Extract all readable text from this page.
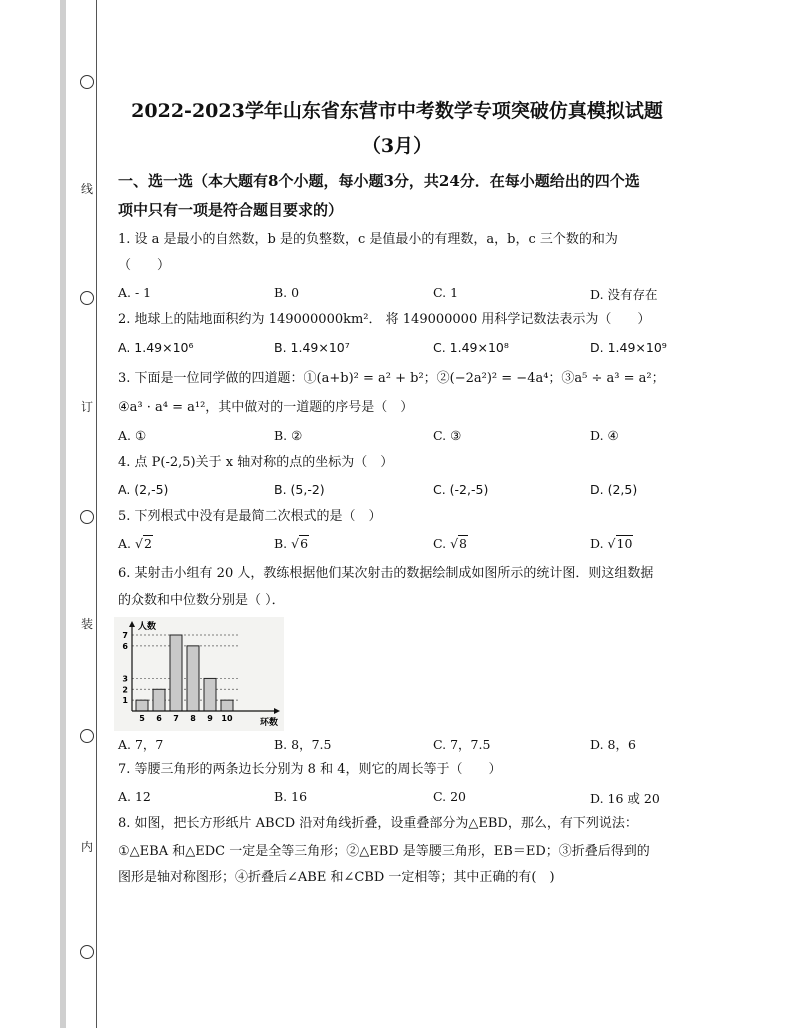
线
订
装
内
2022-2023学年山东省东营市中考数学专项突破仿真模拟试题
（3月）
一、选一选（本大题有8个小题，每小题3分，共24分．在每小题给出的四个选
项中只有一项是符合题目要求的）
1. 设 a 是最小的自然数，b 是的负整数，c 是值最小的有理数，a，b，c 三个数的和为
（　　）
A. - 1	B. 0	C. 1	D. 没有存在
2. 地球上的陆地面积约为 149000000km²． 将 149000000 用科学记数法表示为（　　）
A. 1.49×10⁶	B. 1.49×10⁷	C. 1.49×10⁸	D. 1.49×10⁹
3. 下面是一位同学做的四道题：①(a+b)² = a² + b²；②(−2a²)² = −4a⁴；③a⁵ ÷ a³ = a²；
④a³ · a⁴ = a¹²，其中做对的一道题的序号是（　）
A. ①	B. ②	C. ③	D. ④
4. 点 P(-2,5)关于 x 轴对称的点的坐标为（　）
A. (2,-5)	B. (5,-2)	C. (-2,-5)	D. (2,5)
5. 下列根式中没有是最简二次根式的是（　）
A. √2	B. √6	C. √8	D. √10
6. 某射击小组有 20 人，教练根据他们某次射击的数据绘制成如图所示的统计图．则这组数据
的众数和中位数分别是（ ）．
人数
环数
5 6 7 8 9 10
1
2
3
6
7
A. 7，7	B. 8，7.5	C. 7，7.5	D. 8，6
7. 等腰三角形的两条边长分别为 8 和 4，则它的周长等于（　　）
A. 12	B. 16	C. 20	D. 16 或 20
8. 如图，把长方形纸片 ABCD 沿对角线折叠，设重叠部分为△EBD，那么，有下列说法：
①△EBA 和△EDC 一定是全等三角形；②△EBD 是等腰三角形，EB＝ED；③折叠后得到的
图形是轴对称图形；④折叠后∠ABE 和∠CBD 一定相等；其中正确的有(　)
